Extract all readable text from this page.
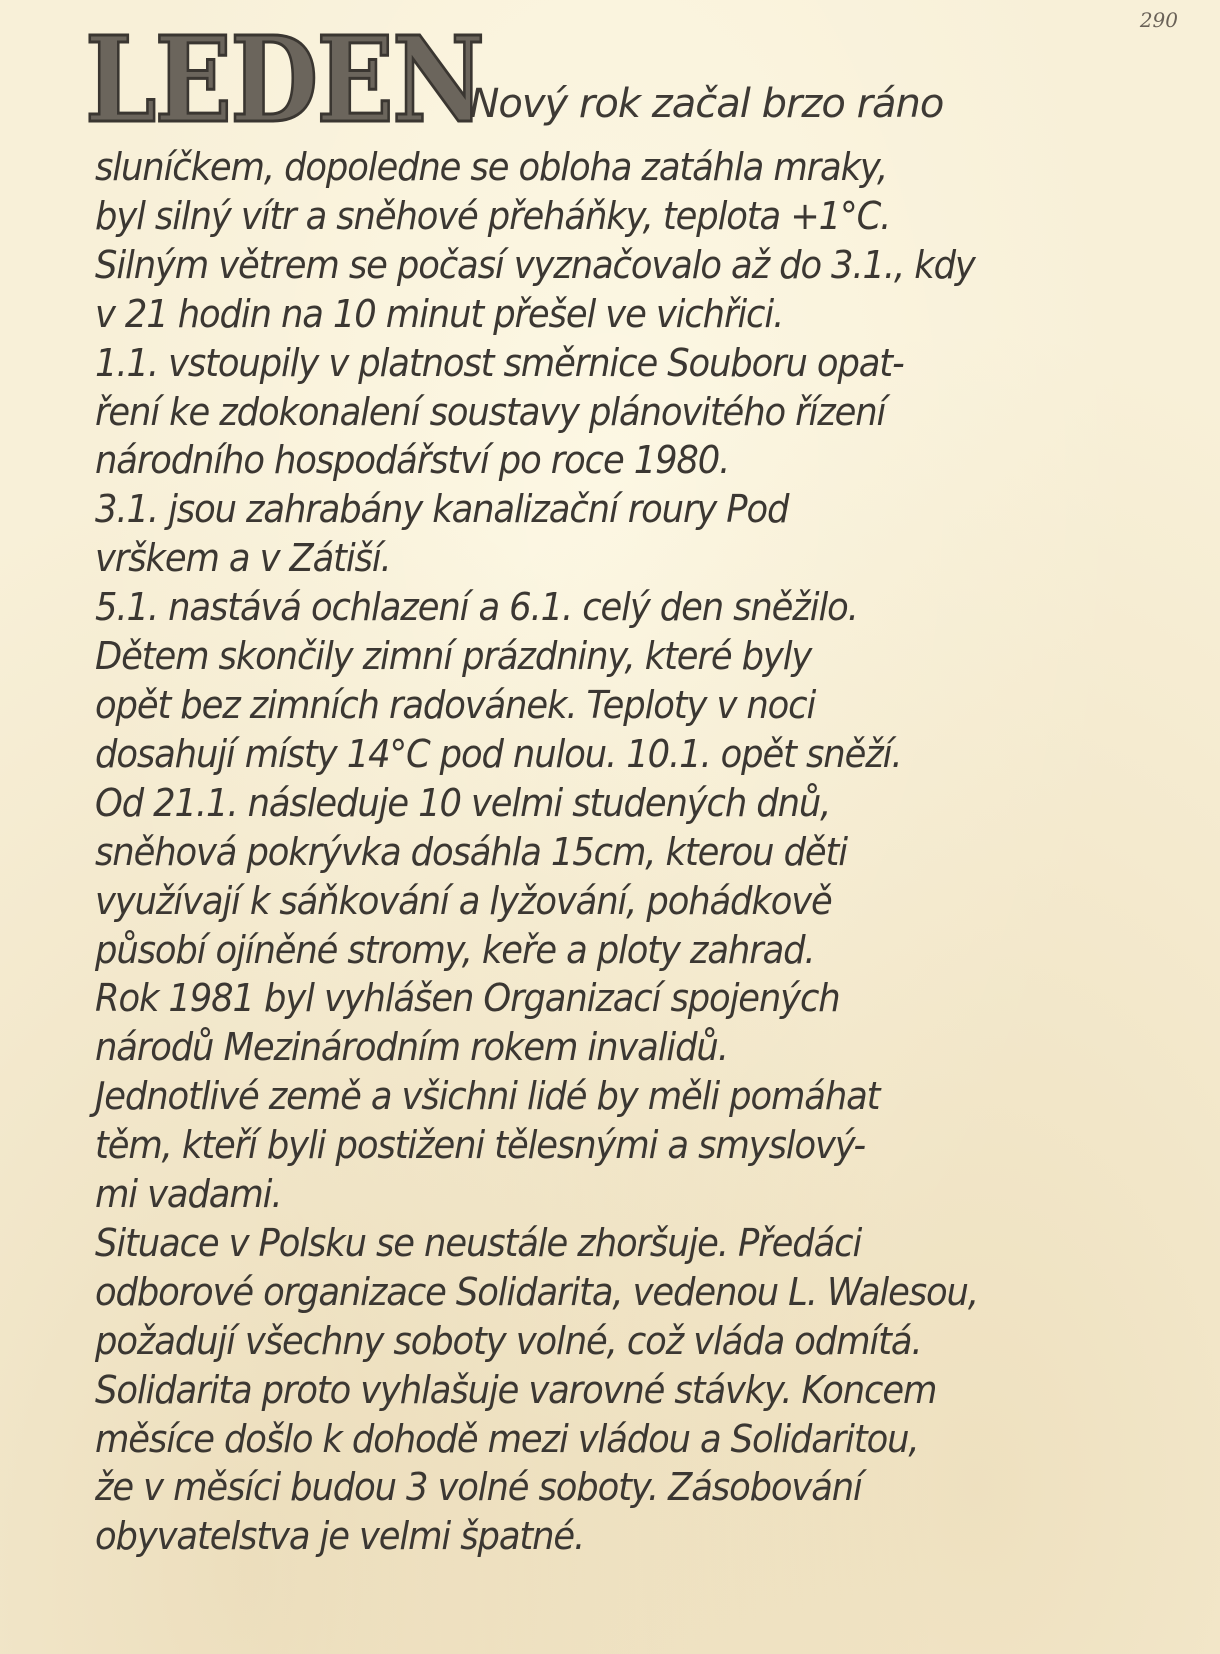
290
LEDEN
-Nový rok začal brzo ráno
sluníčkem, dopoledne se obloha zatáhla mraky,
byl silný vítr a sněhové přeháňky, teplota +1°C.
Silným větrem se počasí vyznačovalo až do 3.1., kdy
v 21 hodin na 10 minut přešel ve vichřici.
1.1. vstoupily v platnost směrnice Souboru opat-
ření ke zdokonalení soustavy plánovitého řízení
národního hospodářství po roce 1980.
3.1. jsou zahrabány kanalizační roury Pod
vrškem a v Zátiší.
5.1. nastává ochlazení a 6.1. celý den sněžilo.
Dětem skončily zimní prázdniny, které byly
opět bez zimních radovánek. Teploty v noci
dosahují místy 14°C pod nulou. 10.1. opět sněží.
Od 21.1. následuje 10 velmi studených dnů,
sněhová pokrývka dosáhla 15cm, kterou děti
využívají k sáňkování a lyžování, pohádkově
působí ojíněné stromy, keře a ploty zahrad.
Rok 1981 byl vyhlášen Organizací spojených
národů Mezinárodním rokem invalidů.
Jednotlivé země a všichni lidé by měli pomáhat
těm, kteří byli postiženi tělesnými a smyslový-
mi vadami.
Situace v Polsku se neustále zhoršuje. Předáci
odborové organizace Solidarita, vedenou L. Walesou,
požadují všechny soboty volné, což vláda odmítá.
Solidarita proto vyhlašuje varovné stávky. Koncem
měsíce došlo k dohodě mezi vládou a Solidaritou,
že v měsíci budou 3 volné soboty. Zásobování
obyvatelstva je velmi špatné.
